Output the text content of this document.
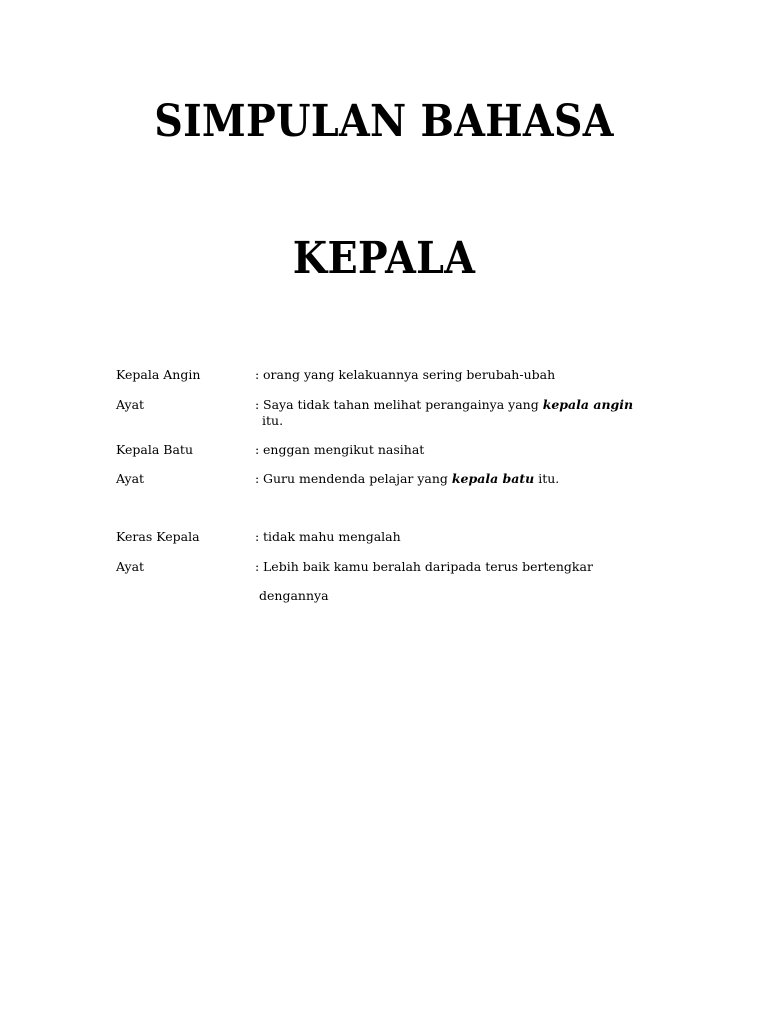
SIMPULAN BAHASA
KEPALA
Kepala Angin	: orang yang kelakuannya sering berubah-ubah
Ayat	: Saya tidak tahan melihat perangainya yang kepala angin
itu.
Kepala Batu	: enggan mengikut nasihat
Ayat	: Guru mendenda pelajar yang kepala batu itu.
Keras Kepala	: tidak mahu mengalah
Ayat	: Lebih baik kamu beralah daripada terus bertengkar
dengannya
